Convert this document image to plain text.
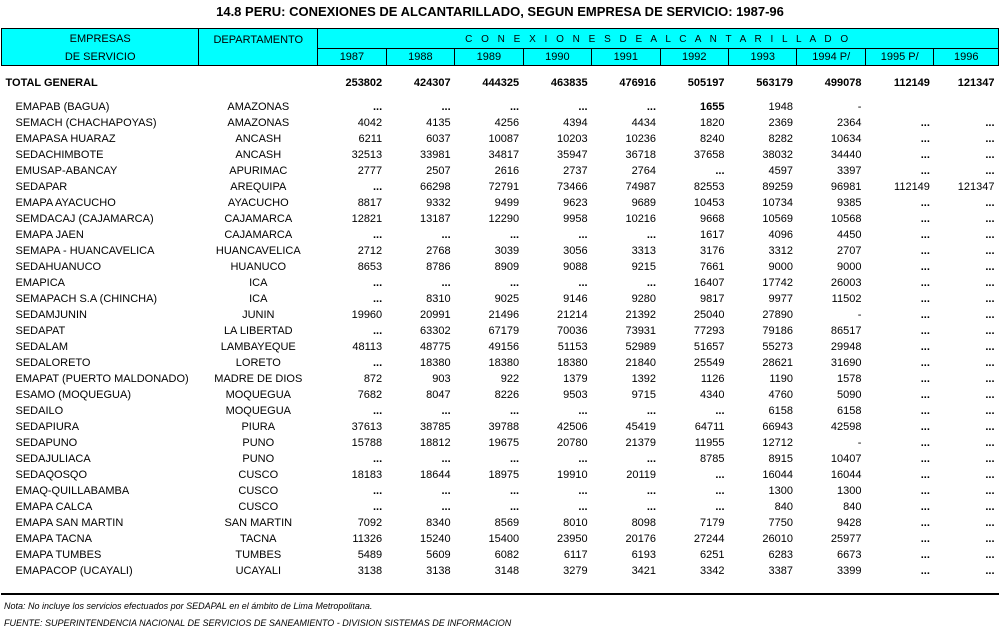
14.8 PERU: CONEXIONES DE ALCANTARILLADO, SEGUN EMPRESA DE SERVICIO: 1987-96
EMPRESAS
DE SERVICIO	DEPARTAMENTO	C O N E X I O N E S D E A L C A N T A R I L L A D O									
		1987	1988	1989	1990	1991	1992	1993	1994 P/	1995 P/	1996

TOTAL GENERAL		253802	424307	444325	463835	476916	505197	563179	499078	112149	121347

EMAPAB (BAGUA)	AMAZONAS	...	...	...	...	...	1655	1948	-		
SEMACH (CHACHAPOYAS)	AMAZONAS	4042	4135	4256	4394	4434	1820	2369	2364	...	...
EMAPASA HUARAZ	ANCASH	6211	6037	10087	10203	10236	8240	8282	10634	...	...
SEDACHIMBOTE	ANCASH	32513	33981	34817	35947	36718	37658	38032	34440	...	...
EMUSAP-ABANCAY	APURIMAC	2777	2507	2616	2737	2764	...	4597	3397	...	...
SEDAPAR	AREQUIPA	...	66298	72791	73466	74987	82553	89259	96981	112149	121347
EMAPA AYACUCHO	AYACUCHO	8817	9332	9499	9623	9689	10453	10734	9385	...	...
SEMDACAJ (CAJAMARCA)	CAJAMARCA	12821	13187	12290	9958	10216	9668	10569	10568	...	...
EMAPA JAEN	CAJAMARCA	...	...	...	...	...	1617	4096	4450	...	...
SEMAPA - HUANCAVELICA	HUANCAVELICA	2712	2768	3039	3056	3313	3176	3312	2707	...	...
SEDAHUANUCO	HUANUCO	8653	8786	8909	9088	9215	7661	9000	9000	...	...
EMAPICA	ICA	...	...	...	...	...	16407	17742	26003	...	...
SEMAPACH S.A (CHINCHA)	ICA	...	8310	9025	9146	9280	9817	9977	11502	...	...
SEDAMJUNIN	JUNIN	19960	20991	21496	21214	21392	25040	27890	-	...	...
SEDAPAT	LA LIBERTAD	...	63302	67179	70036	73931	77293	79186	86517	...	...
SEDALAM	LAMBAYEQUE	48113	48775	49156	51153	52989	51657	55273	29948	...	...
SEDALORETO	LORETO	...	18380	18380	18380	21840	25549	28621	31690	...	...
EMAPAT (PUERTO MALDONADO)	MADRE DE DIOS	872	903	922	1379	1392	1126	1190	1578	...	...
ESAMO (MOQUEGUA)	MOQUEGUA	7682	8047	8226	9503	9715	4340	4760	5090	...	...
SEDAILO	MOQUEGUA	...	...	...	...	...	...	6158	6158	...	...
SEDAPIURA	PIURA	37613	38785	39788	42506	45419	64711	66943	42598	...	...
SEDAPUNO	PUNO	15788	18812	19675	20780	21379	11955	12712	-	...	...
SEDAJULIACA	PUNO	...	...	...	...	...	8785	8915	10407	...	...
SEDAQOSQO	CUSCO	18183	18644	18975	19910	20119	...	16044	16044	...	...
EMAQ-QUILLABAMBA	CUSCO	...	...	...	...	...	...	1300	1300	...	...
EMAPA CALCA	CUSCO	...	...	...	...	...	...	840	840	...	...
EMAPA SAN MARTIN	SAN MARTIN	7092	8340	8569	8010	8098	7179	7750	9428	...	...
EMAPA TACNA	TACNA	11326	15240	15400	23950	20176	27244	26010	25977	...	...
EMAPA TUMBES	TUMBES	5489	5609	6082	6117	6193	6251	6283	6673	...	...
EMAPACOP (UCAYALI)	UCAYALI	3138	3138	3148	3279	3421	3342	3387	3399	...	...
Nota: No incluye los servicios efectuados por SEDAPAL en el ámbito de Lima Metropolitana.
FUENTE: SUPERINTENDENCIA NACIONAL DE SERVICIOS DE SANEAMIENTO - DIVISION SISTEMAS DE INFORMACION
